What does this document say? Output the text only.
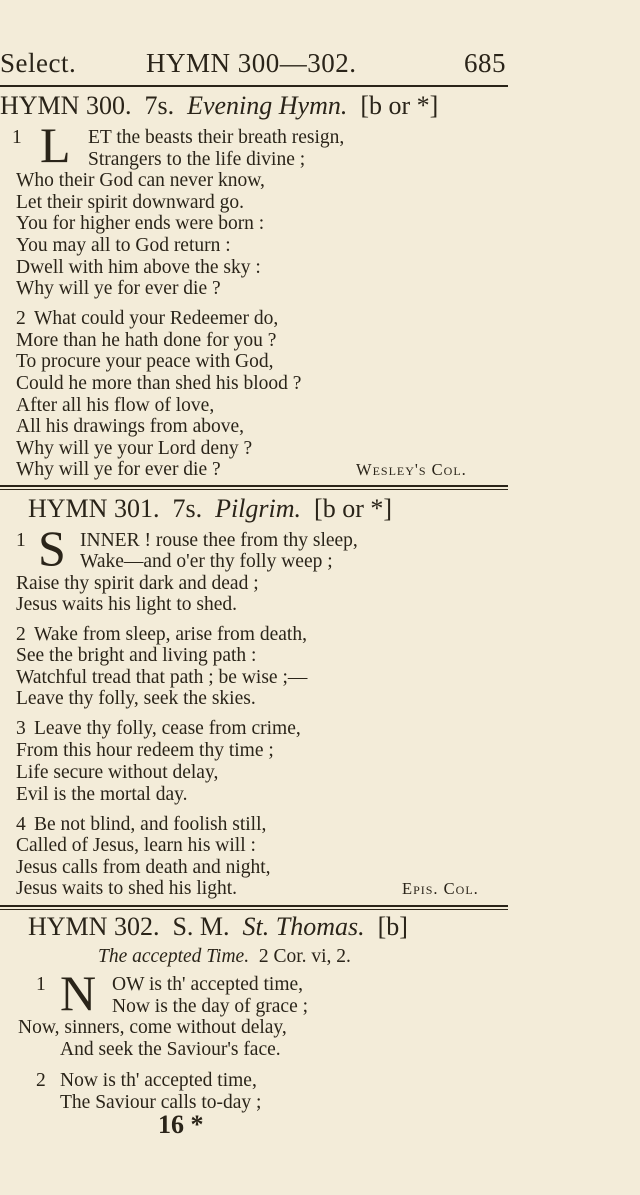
Select.	HYMN 300—302.	685
HYMN 300. 7s. Evening Hymn. [b or *]
1 L ET the beasts their breath resign,
Strangers to the life divine ;
Who their God can never know,
Let their spirit downward go.
You for higher ends were born :
You may all to God return :
Dwell with him above the sky :
Why will ye for ever die ?
2 What could your Redeemer do,
More than he hath done for you ?
To procure your peace with God,
Could he more than shed his blood ?
After all his flow of love,
All his drawings from above,
Why will ye your Lord deny ?
Why will ye for ever die ?	Wesley's Col.
HYMN 301. 7s. Pilgrim. [b or *]
1 S INNER ! rouse thee from thy sleep,
Wake—and o'er thy folly weep ;
Raise thy spirit dark and dead ;
Jesus waits his light to shed.
2 Wake from sleep, arise from death,
See the bright and living path :
Watchful tread that path ; be wise ;—
Leave thy folly, seek the skies.
3 Leave thy folly, cease from crime,
From this hour redeem thy time ;
Life secure without delay,
Evil is the mortal day.
4 Be not blind, and foolish still,
Called of Jesus, learn his will :
Jesus calls from death and night,
Jesus waits to shed his light.	Epis. Col.
HYMN 302. S. M. St. Thomas. [b]
The accepted Time. 2 Cor. vi, 2.
1 N OW is th' accepted time,
Now is the day of grace ;
Now, sinners, come without delay,
And seek the Saviour's face.
2 Now is th' accepted time,
The Saviour calls to-day ;
16 *
